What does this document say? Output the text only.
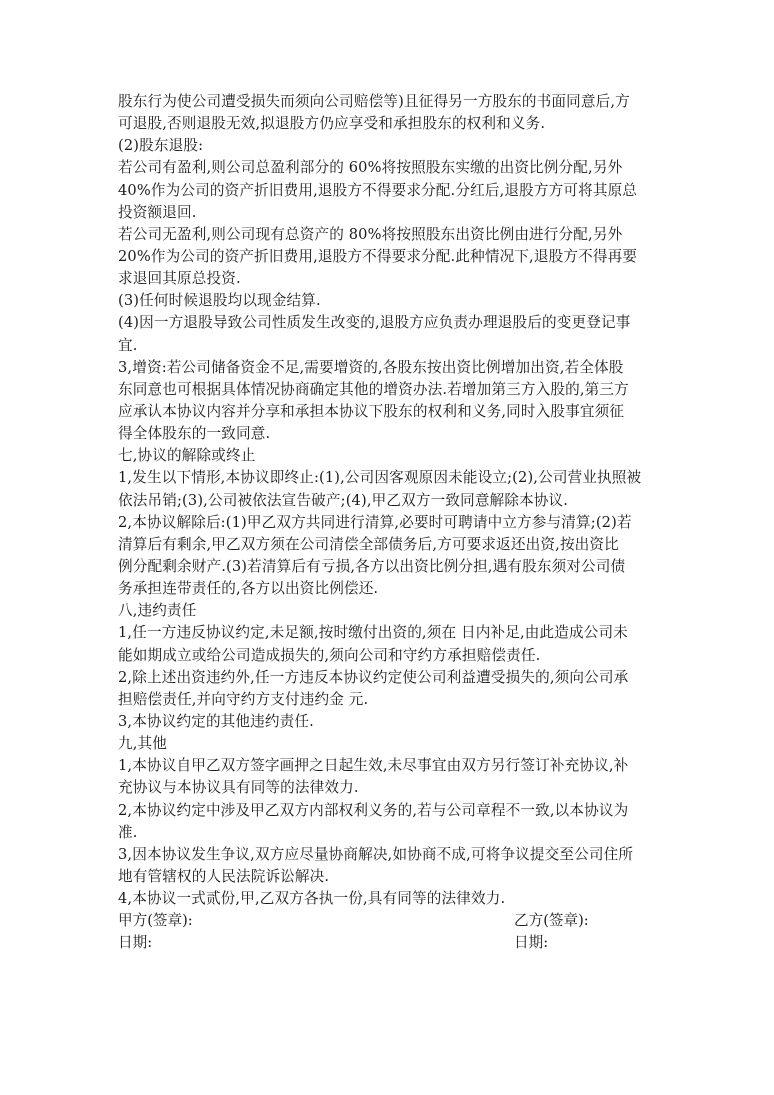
股东行为使公司遭受损失而须向公司赔偿等)且征得另一方股东的书面同意后,方
可退股,否则退股无效,拟退股方仍应享受和承担股东的权利和义务.
(2)股东退股:
若公司有盈利,则公司总盈利部分的 60%将按照股东实缴的出资比例分配,另外
40%作为公司的资产折旧费用,退股方不得要求分配.分红后,退股方方可将其原总
投资额退回.
若公司无盈利,则公司现有总资产的 80%将按照股东出资比例由进行分配,另外
20%作为公司的资产折旧费用,退股方不得要求分配.此种情况下,退股方不得再要
求退回其原总投资.
(3)任何时候退股均以现金结算.
(4)因一方退股导致公司性质发生改变的,退股方应负责办理退股后的变更登记事
宜.
3,增资:若公司储备资金不足,需要增资的,各股东按出资比例增加出资,若全体股
东同意也可根据具体情况协商确定其他的增资办法.若增加第三方入股的,第三方
应承认本协议内容并分享和承担本协议下股东的权利和义务,同时入股事宜须征
得全体股东的一致同意.
七,协议的解除或终止
1,发生以下情形,本协议即终止:(1),公司因客观原因未能设立;(2),公司营业执照被
依法吊销;(3),公司被依法宣告破产;(4),甲乙双方一致同意解除本协议.
2,本协议解除后:(1)甲乙双方共同进行清算,必要时可聘请中立方参与清算;(2)若
清算后有剩余,甲乙双方须在公司清偿全部债务后,方可要求返还出资,按出资比
例分配剩余财产.(3)若清算后有亏损,各方以出资比例分担,遇有股东须对公司债
务承担连带责任的,各方以出资比例偿还.
八,违约责任
1,任一方违反协议约定,未足额,按时缴付出资的,须在 日内补足,由此造成公司未
能如期成立或给公司造成损失的,须向公司和守约方承担赔偿责任.
2,除上述出资违约外,任一方违反本协议约定使公司利益遭受损失的,须向公司承
担赔偿责任,并向守约方支付违约金 元.
3,本协议约定的其他违约责任.
九,其他
1,本协议自甲乙双方签字画押之日起生效,未尽事宜由双方另行签订补充协议,补
充协议与本协议具有同等的法律效力.
2,本协议约定中涉及甲乙双方内部权利义务的,若与公司章程不一致,以本协议为
准.
3,因本协议发生争议,双方应尽量协商解决,如协商不成,可将争议提交至公司住所
地有管辖权的人民法院诉讼解决.
4,本协议一式贰份,甲,乙双方各执一份,具有同等的法律效力.
甲方(签章):	乙方(签章):
日期:	日期:
